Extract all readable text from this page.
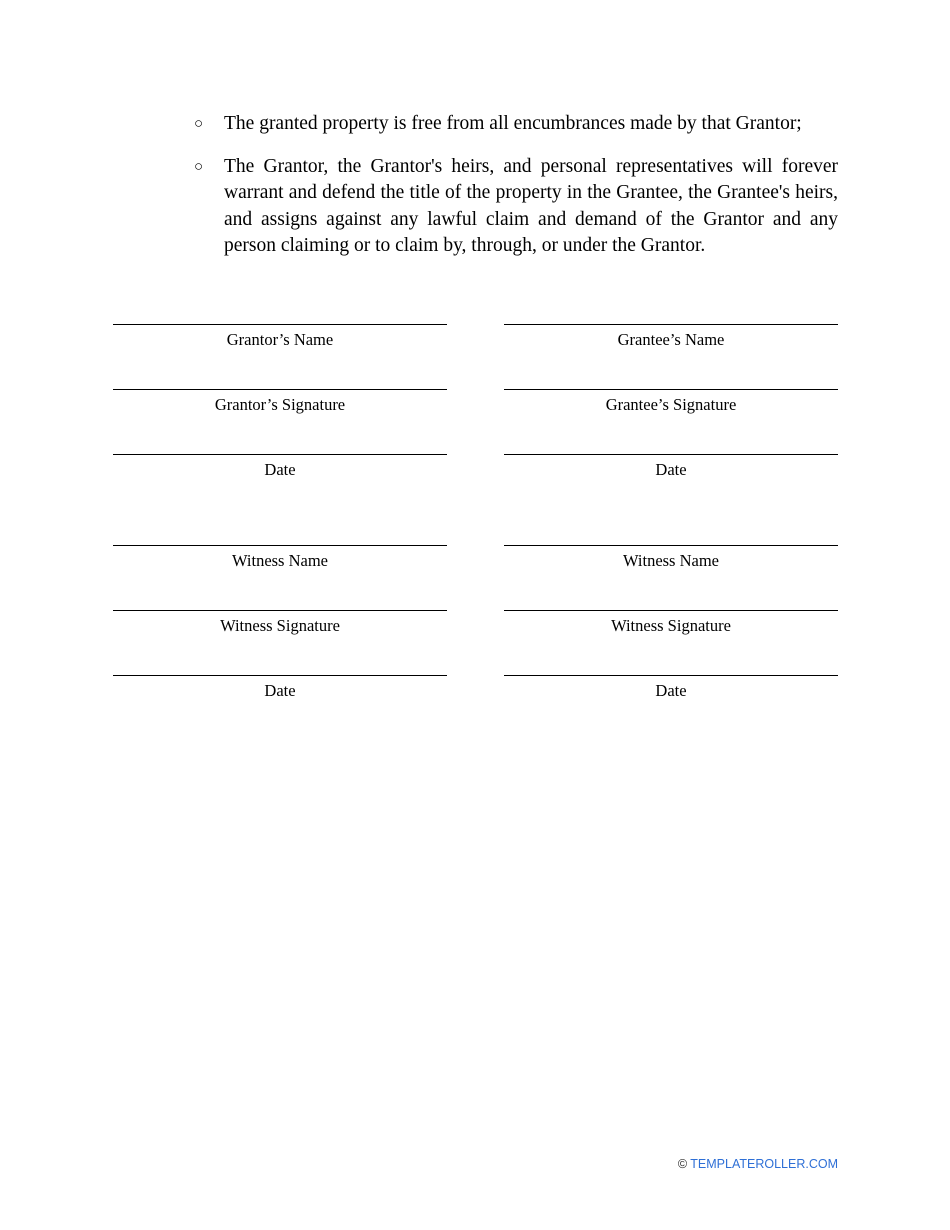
○ The granted property is free from all encumbrances made by that Grantor;
○ The Grantor, the Grantor's heirs, and personal representatives will forever warrant and defend the title of the property in the Grantee, the Grantee's heirs, and assigns against any lawful claim and demand of the Grantor and any person claiming or to claim by, through, or under the Grantor.
Grantor’s Name
Grantor’s Signature
Date
Witness Name
Witness Signature
Date
Grantee’s Name
Grantee’s Signature
Date
Witness Name
Witness Signature
Date
© TEMPLATEROLLER.COM
